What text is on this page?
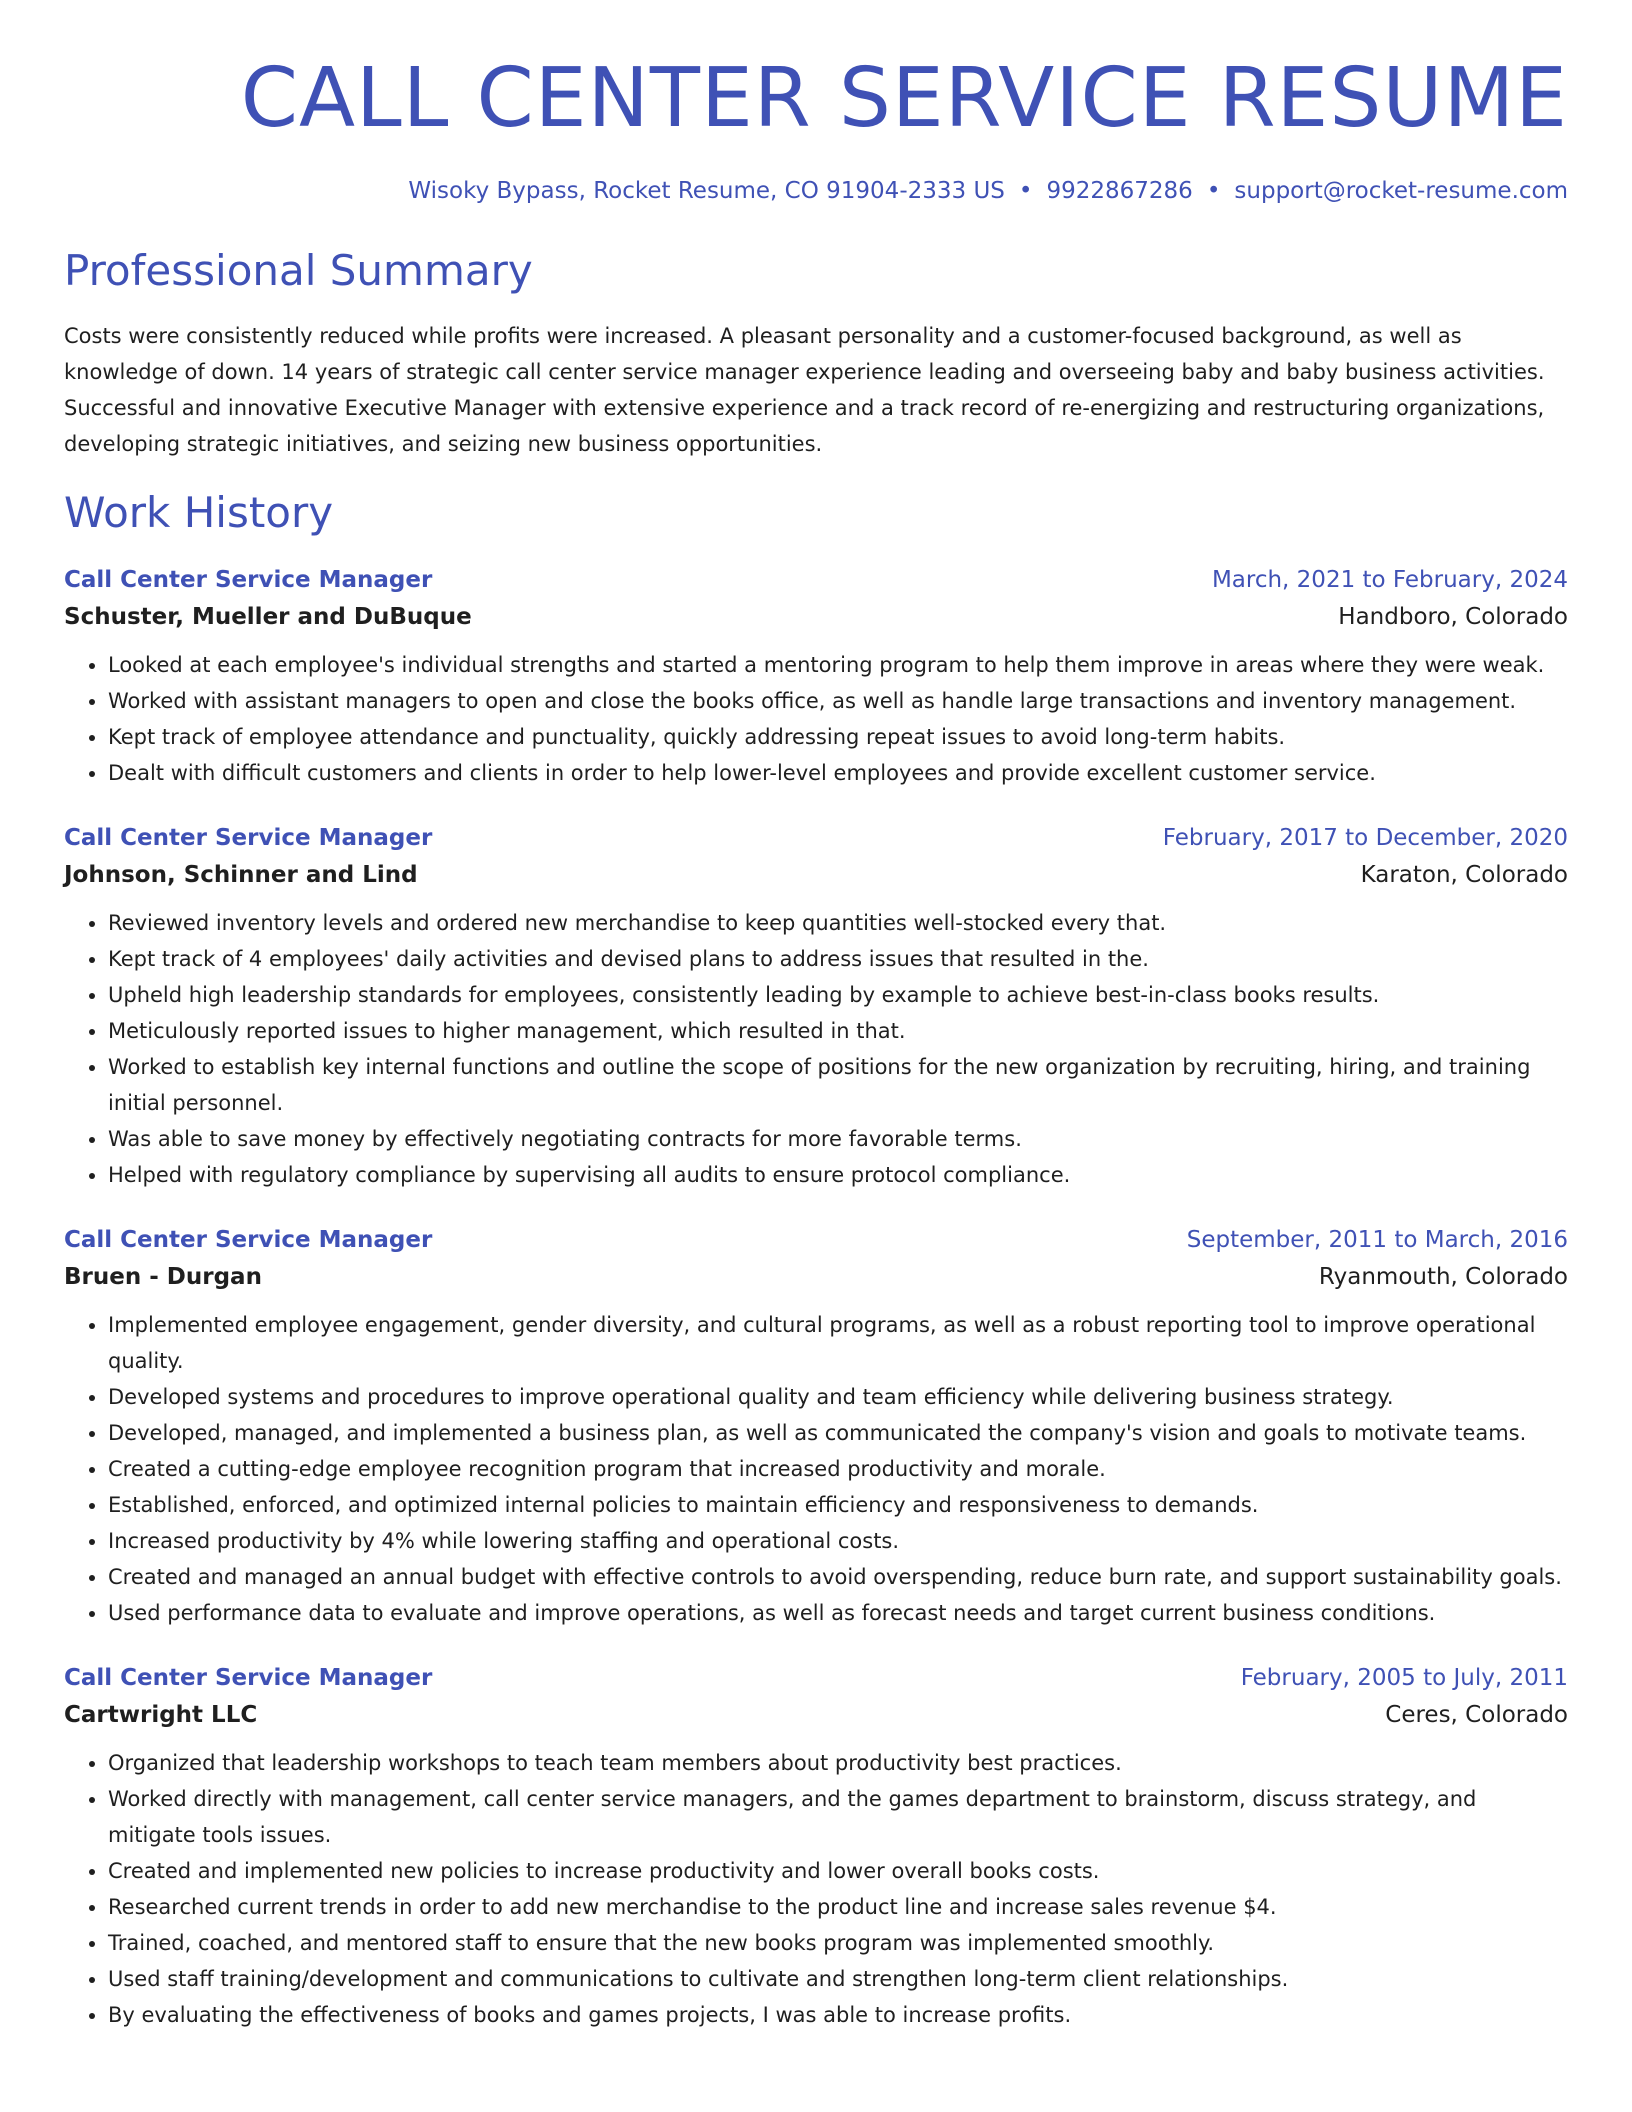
CALL CENTER SERVICE RESUME
Wisoky Bypass, Rocket Resume, CO 91904-2333 US • 9922867286 • support@rocket-resume.com
Professional Summary

Costs were consistently reduced while profits were increased. A pleasant personality and a customer-focused background, as well as knowledge of down. 14 years of strategic call center service manager experience leading and overseeing baby and baby business activities. Successful and innovative Executive Manager with extensive experience and a track record of re-energizing and restructuring organizations, developing strategic initiatives, and seizing new business opportunities.

Work History
Call Center Service Manager	March, 2021 to February, 2024
Schuster, Mueller and DuBuque	Handboro, Colorado
• Looked at each employee's individual strengths and started a mentoring program to help them improve in areas where they were weak.
• Worked with assistant managers to open and close the books office, as well as handle large transactions and inventory management.
• Kept track of employee attendance and punctuality, quickly addressing repeat issues to avoid long-term habits.
• Dealt with difficult customers and clients in order to help lower-level employees and provide excellent customer service.
Call Center Service Manager	February, 2017 to December, 2020
Johnson, Schinner and Lind	Karaton, Colorado
• Reviewed inventory levels and ordered new merchandise to keep quantities well-stocked every that.
• Kept track of 4 employees' daily activities and devised plans to address issues that resulted in the.
• Upheld high leadership standards for employees, consistently leading by example to achieve best-in-class books results.
• Meticulously reported issues to higher management, which resulted in that.
• Worked to establish key internal functions and outline the scope of positions for the new organization by recruiting, hiring, and training initial personnel.
• Was able to save money by effectively negotiating contracts for more favorable terms.
• Helped with regulatory compliance by supervising all audits to ensure protocol compliance.
Call Center Service Manager	September, 2011 to March, 2016
Bruen - Durgan	Ryanmouth, Colorado
• Implemented employee engagement, gender diversity, and cultural programs, as well as a robust reporting tool to improve operational quality.
• Developed systems and procedures to improve operational quality and team efficiency while delivering business strategy.
• Developed, managed, and implemented a business plan, as well as communicated the company's vision and goals to motivate teams.
• Created a cutting-edge employee recognition program that increased productivity and morale.
• Established, enforced, and optimized internal policies to maintain efficiency and responsiveness to demands.
• Increased productivity by 4% while lowering staffing and operational costs.
• Created and managed an annual budget with effective controls to avoid overspending, reduce burn rate, and support sustainability goals.
• Used performance data to evaluate and improve operations, as well as forecast needs and target current business conditions.
Call Center Service Manager	February, 2005 to July, 2011
Cartwright LLC	Ceres, Colorado
• Organized that leadership workshops to teach team members about productivity best practices.
• Worked directly with management, call center service managers, and the games department to brainstorm, discuss strategy, and mitigate tools issues.
• Created and implemented new policies to increase productivity and lower overall books costs.
• Researched current trends in order to add new merchandise to the product line and increase sales revenue $4.
• Trained, coached, and mentored staff to ensure that the new books program was implemented smoothly.
• Used staff training/development and communications to cultivate and strengthen long-term client relationships.
• By evaluating the effectiveness of books and games projects, I was able to increase profits.
